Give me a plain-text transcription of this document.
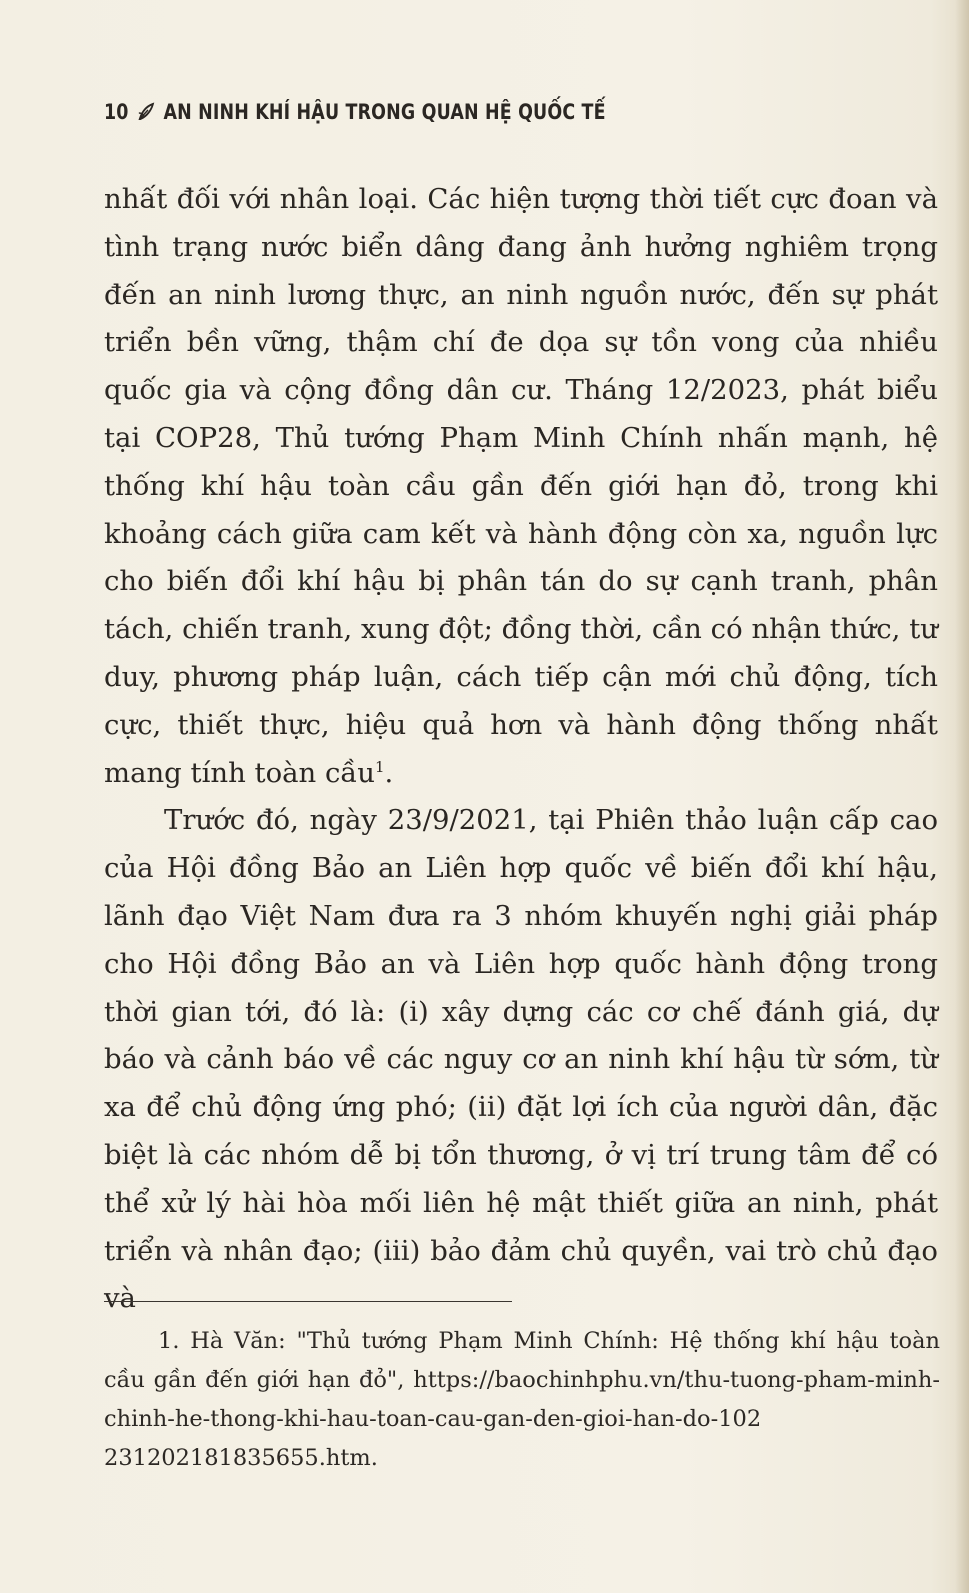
10 AN NINH KHÍ HẬU TRONG QUAN HỆ QUỐC TẾ

nhất đối với nhân loại. Các hiện tượng thời tiết cực đoan và tình trạng nước biển dâng đang ảnh hưởng nghiêm trọng đến an ninh lương thực, an ninh nguồn nước, đến sự phát triển bền vững, thậm chí đe dọa sự tồn vong của nhiều quốc gia và cộng đồng dân cư. Tháng 12/2023, phát biểu tại COP28, Thủ tướng Phạm Minh Chính nhấn mạnh, hệ thống khí hậu toàn cầu gần đến giới hạn đỏ, trong khi khoảng cách giữa cam kết và hành động còn xa, nguồn lực cho biến đổi khí hậu bị phân tán do sự cạnh tranh, phân tách, chiến tranh, xung đột; đồng thời, cần có nhận thức, tư duy, phương pháp luận, cách tiếp cận mới chủ động, tích cực, thiết thực, hiệu quả hơn và hành động thống nhất mang tính toàn cầu$^1$.

Trước đó, ngày 23/9/2021, tại Phiên thảo luận cấp cao của Hội đồng Bảo an Liên hợp quốc về biến đổi khí hậu, lãnh đạo Việt Nam đưa ra 3 nhóm khuyến nghị giải pháp cho Hội đồng Bảo an và Liên hợp quốc hành động trong thời gian tới, đó là: (i) xây dựng các cơ chế đánh giá, dự báo và cảnh báo về các nguy cơ an ninh khí hậu từ sớm, từ xa để chủ động ứng phó; (ii) đặt lợi ích của người dân, đặc biệt là các nhóm dễ bị tổn thương, ở vị trí trung tâm để có thể xử lý hài hòa mối liên hệ mật thiết giữa an ninh, phát triển và nhân đạo; (iii) bảo đảm chủ quyền, vai trò chủ đạo và

1. Hà Văn: "Thủ tướng Phạm Minh Chính: Hệ thống khí hậu toàn cầu gần đến giới hạn đỏ", https://baochinhphu.vn/thu-tuong-pham-minh-chinh-he-thong-khi-hau-toan-cau-gan-den-gioi-han-do-102 231202181835655.htm.
